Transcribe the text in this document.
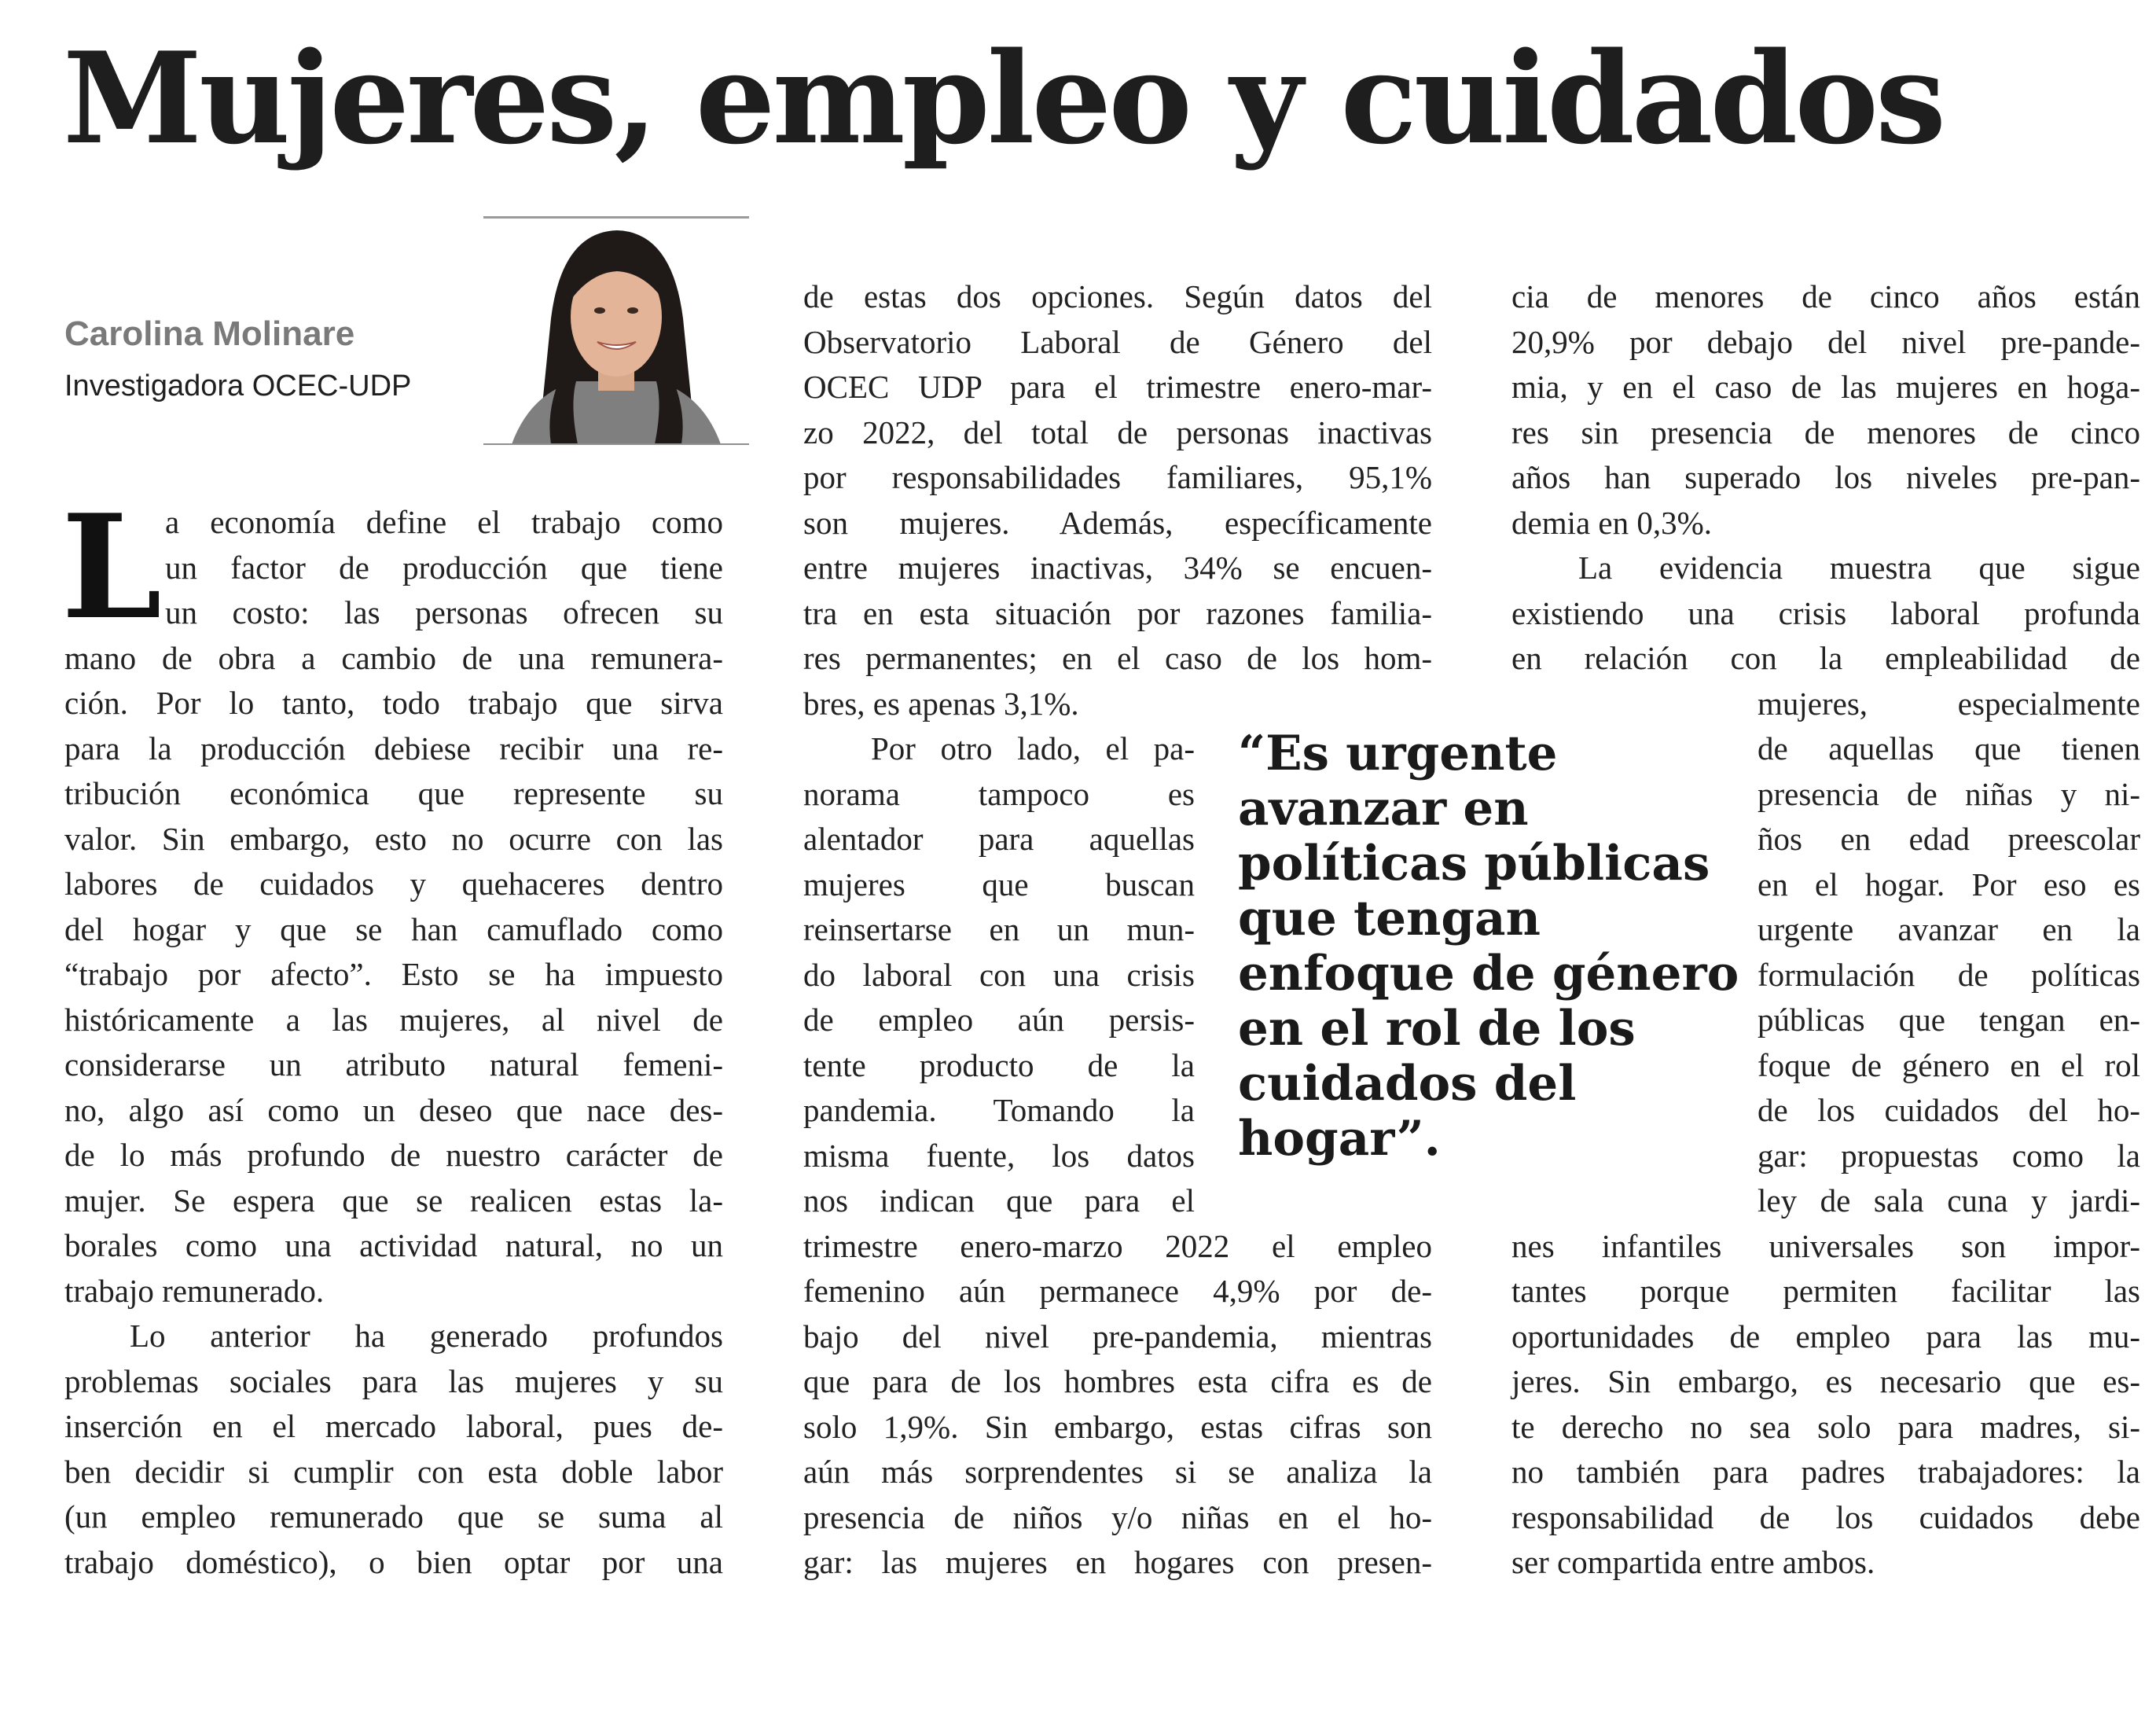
Mujeres, empleo y cuidados
Carolina Molinare
Investigadora OCEC-UDP
L a economía define el trabajo como
un factor de producción que tiene
un costo: las personas ofrecen su
mano de obra a cambio de una remunera-
ción. Por lo tanto, todo trabajo que sirva
para la producción debiese recibir una re-
tribución económica que represente su
valor. Sin embargo, esto no ocurre con las
labores de cuidados y quehaceres dentro
del hogar y que se han camuflado como
“trabajo por afecto”. Esto se ha impuesto
históricamente a las mujeres, al nivel de
considerarse un atributo natural femeni-
no, algo así como un deseo que nace des-
de lo más profundo de nuestro carácter de
mujer. Se espera que se realicen estas la-
borales como una actividad natural, no un
trabajo remunerado.
Lo anterior ha generado profundos
problemas sociales para las mujeres y su
inserción en el mercado laboral, pues de-
ben decidir si cumplir con esta doble labor
(un empleo remunerado que se suma al
trabajo doméstico), o bien optar por una
de estas dos opciones. Según datos del
Observatorio Laboral de Género del
OCEC UDP para el trimestre enero-mar-
zo 2022, del total de personas inactivas
por responsabilidades familiares, 95,1%
son mujeres. Además, específicamente
entre mujeres inactivas, 34% se encuen-
tra en esta situación por razones familia-
res permanentes; en el caso de los hom-
bres, es apenas 3,1%.
Por otro lado, el pa-
norama tampoco es
alentador para aquellas
mujeres que buscan
reinsertarse en un mun-
do laboral con una crisis
de empleo aún persis-
tente producto de la
pandemia. Tomando la
misma fuente, los datos
nos indican que para el
trimestre enero-marzo 2022 el empleo
femenino aún permanece 4,9% por de-
bajo del nivel pre-pandemia, mientras
que para de los hombres esta cifra es de
solo 1,9%. Sin embargo, estas cifras son
aún más sorprendentes si se analiza la
presencia de niños y/o niñas en el ho-
gar: las mujeres en hogares con presen-
cia de menores de cinco años están
20,9% por debajo del nivel pre-pande-
mia, y en el caso de las mujeres en hoga-
res sin presencia de menores de cinco
años han superado los niveles pre-pan-
demia en 0,3%.
La evidencia muestra que sigue
existiendo una crisis laboral profunda
en relación con la empleabilidad de
mujeres, especialmente
de aquellas que tienen
presencia de niñas y ni-
ños en edad preescolar
en el hogar. Por eso es
urgente avanzar en la
formulación de políticas
públicas que tengan en-
foque de género en el rol
de los cuidados del ho-
gar: propuestas como la
ley de sala cuna y jardi-
nes infantiles universales son impor-
tantes porque permiten facilitar las
oportunidades de empleo para las mu-
jeres. Sin embargo, es necesario que es-
te derecho no sea solo para madres, si-
no también para padres trabajadores: la
responsabilidad de los cuidados debe
ser compartida entre ambos.
“Es urgente
avanzar en
políticas públicas
que tengan
enfoque de género
en el rol de los
cuidados del
hogar”.
